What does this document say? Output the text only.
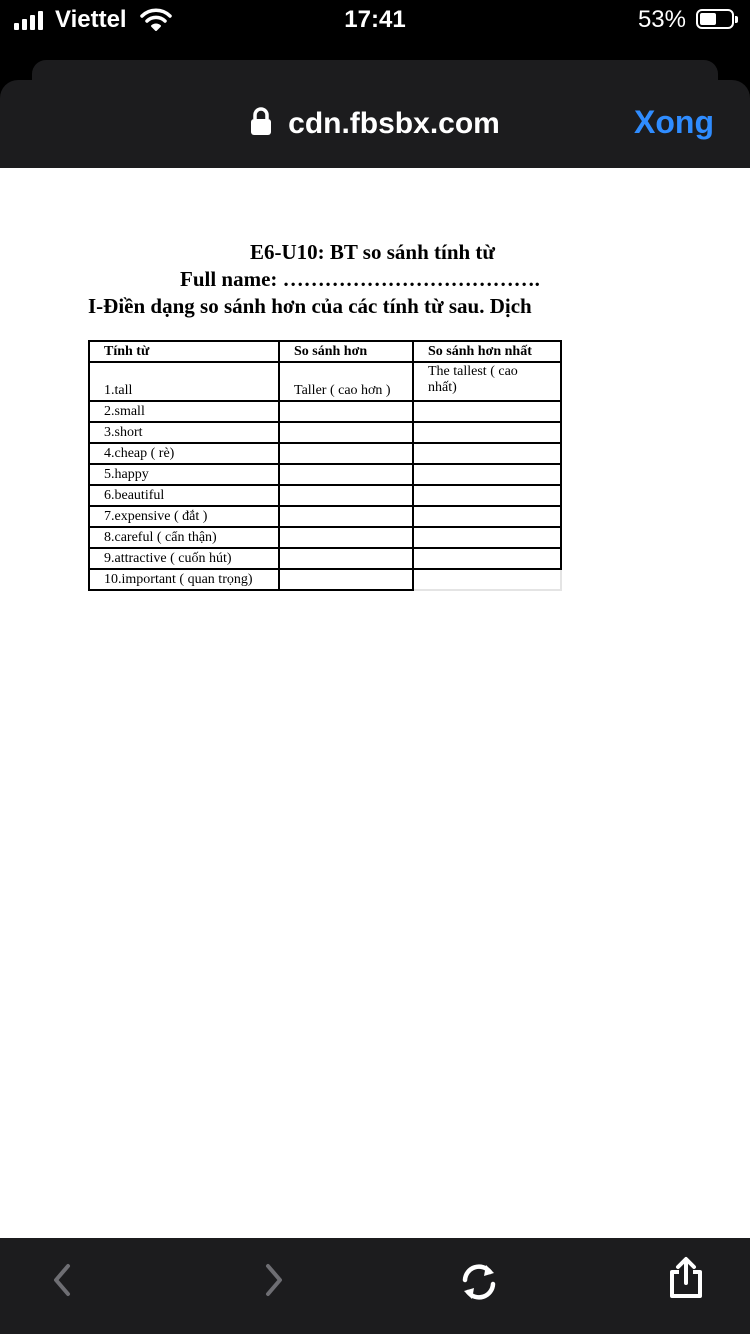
Viettel	17:41	53%
cdn.fbsbx.com	Xong
E6-U10: BT so sánh tính từ
Full name: ……………………………….
I-Điền dạng so sánh hơn của các tính từ sau. Dịch
Tính từ	So sánh hơn	So sánh hơn nhất
1.tall	Taller ( cao hơn )	The tallest ( cao nhất)
2.small		
3.short		
4.cheap ( rè)		
5.happy		
6.beautiful		
7.expensive ( đắt )		
8.careful ( cẩn thận)		
9.attractive ( cuốn hút)		
10.important ( quan trọng)		
